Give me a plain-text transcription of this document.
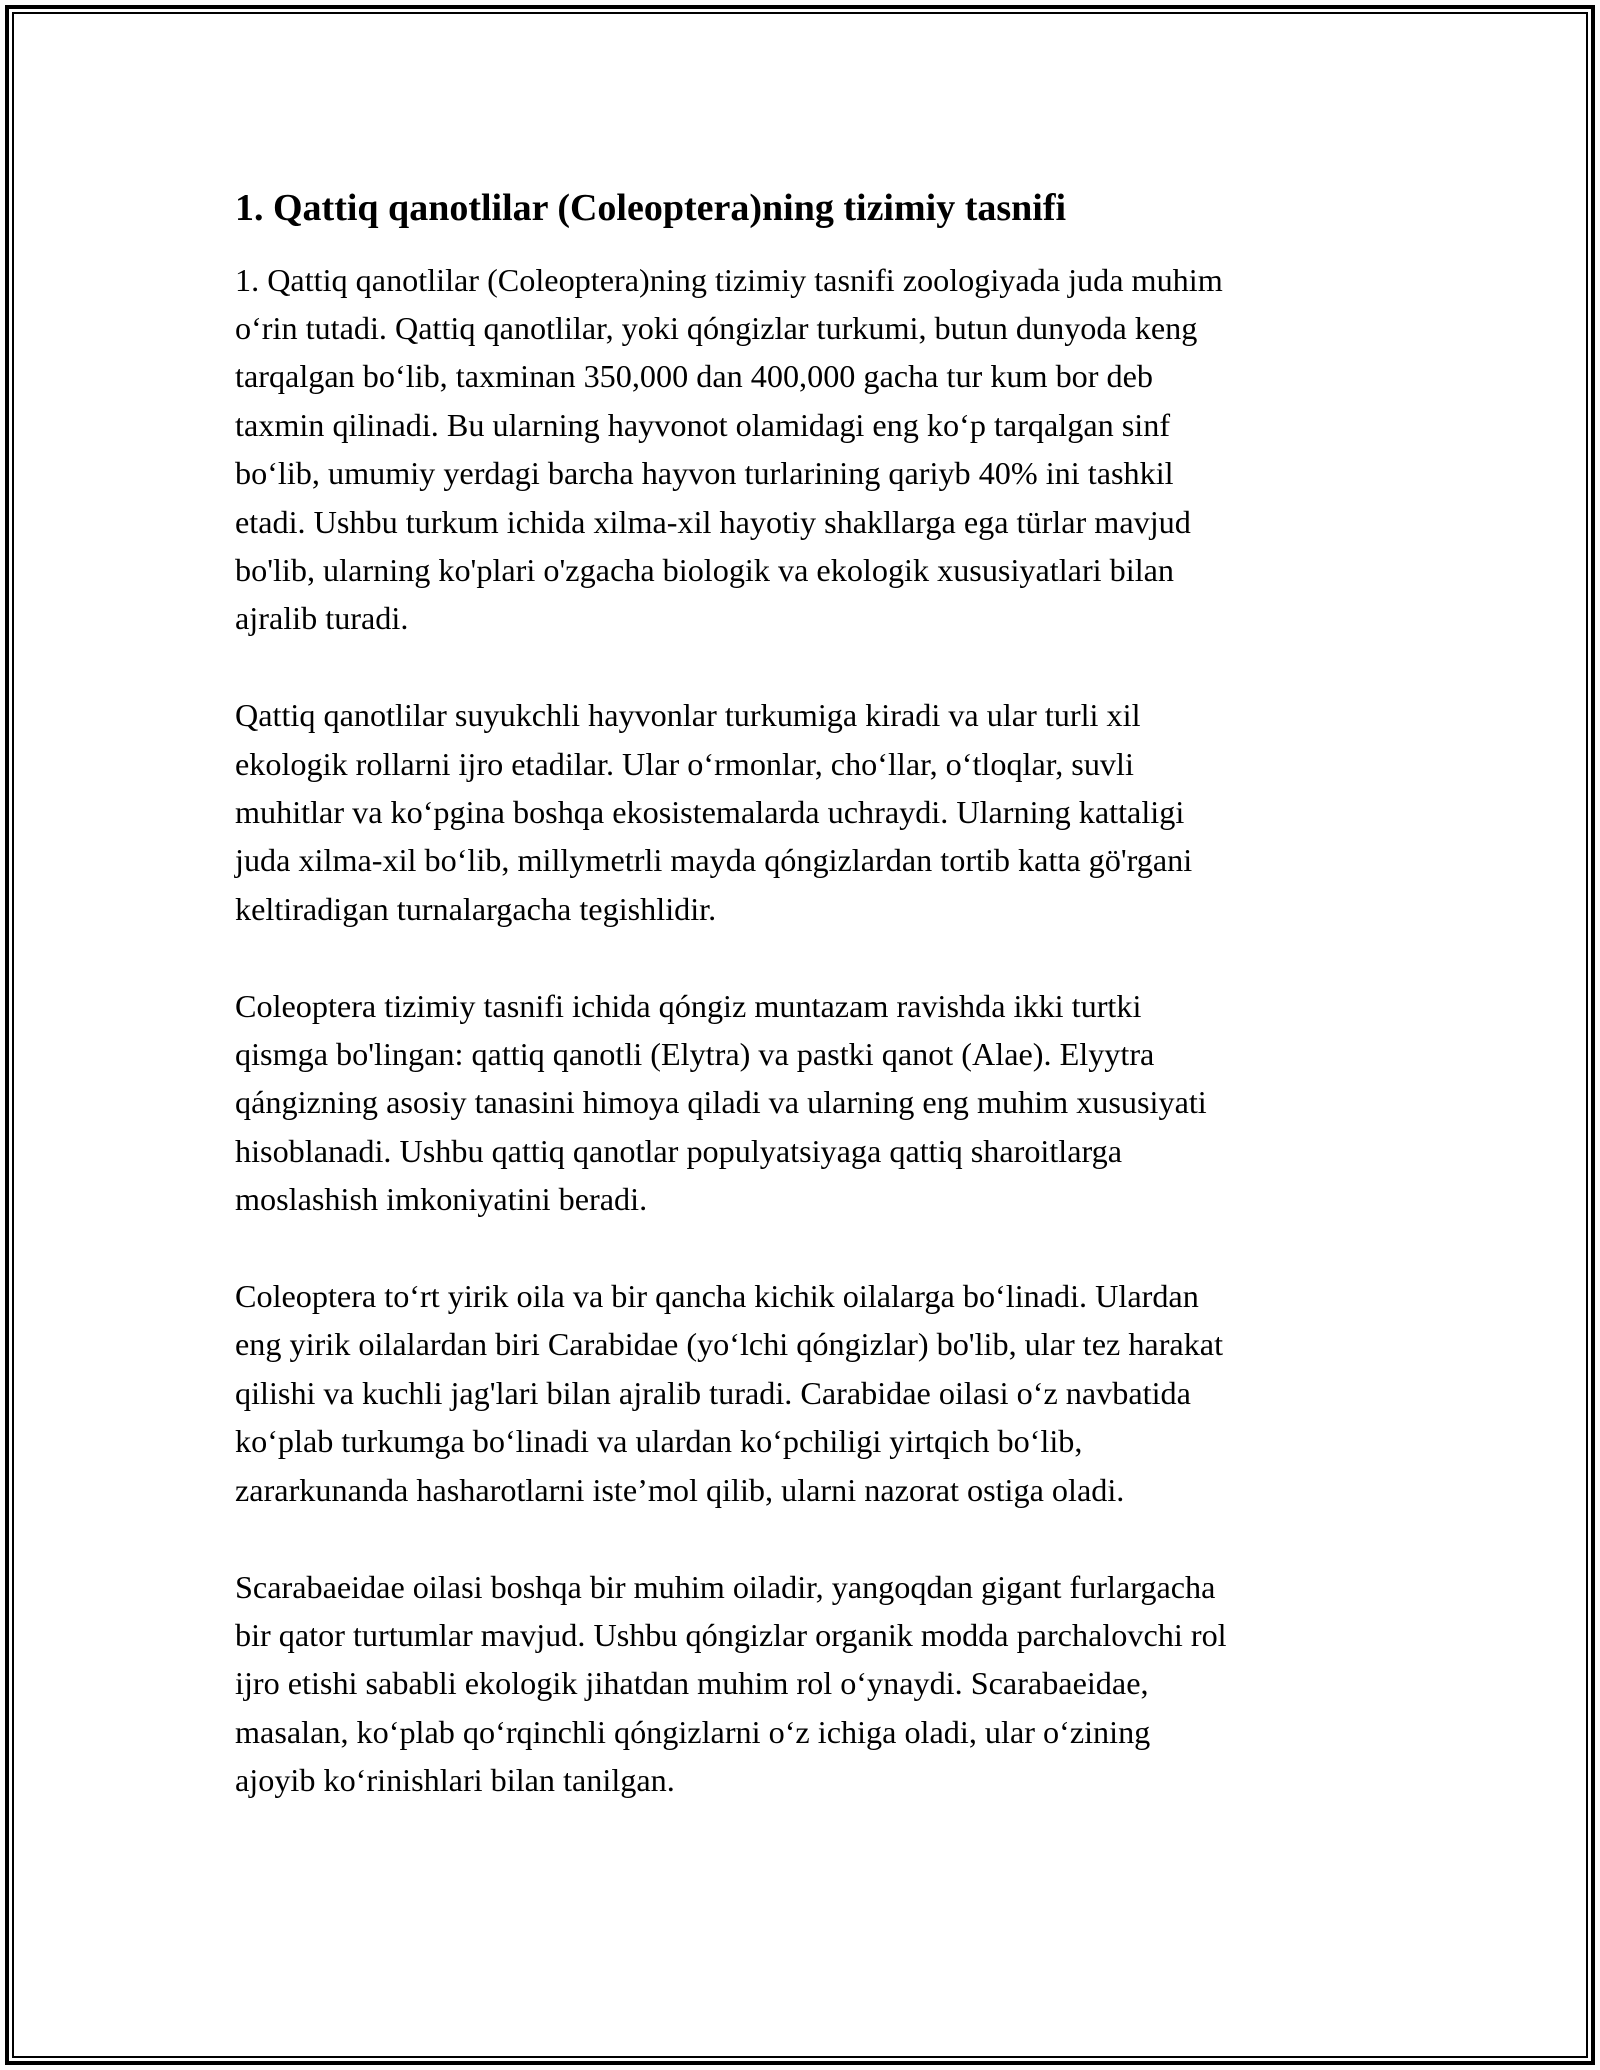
1. Qattiq qanotlilar (Coleoptera)ning tizimiy tasnifi

1. Qattiq qanotlilar (Coleoptera)ning tizimiy tasnifi zoologiyada juda muhim
o‘rin tutadi. Qattiq qanotlilar, yoki qóngizlar turkumi, butun dunyoda keng
tarqalgan bo‘lib, taxminan 350,000 dan 400,000 gacha tur kum bor deb
taxmin qilinadi. Bu ularning hayvonot olamidagi eng ko‘p tarqalgan sinf
bo‘lib, umumiy yerdagi barcha hayvon turlarining qariyb 40% ini tashkil
etadi. Ushbu turkum ichida xilma-xil hayotiy shakllarga ega türlar mavjud
bo'lib, ularning ko'plari o'zgacha biologik va ekologik xususiyatlari bilan
ajralib turadi.

Qattiq qanotlilar suyukchli hayvonlar turkumiga kiradi va ular turli xil
ekologik rollarni ijro etadilar. Ular o‘rmonlar, cho‘llar, o‘tloqlar, suvli
muhitlar va ko‘pgina boshqa ekosistemalarda uchraydi. Ularning kattaligi
juda xilma-xil bo‘lib, millymetrli mayda qóngizlardan tortib katta gö'rgani
keltiradigan turnalargacha tegishlidir.

Coleoptera tizimiy tasnifi ichida qóngiz muntazam ravishda ikki turtki
qismga bo'lingan: qattiq qanotli (Elytra) va pastki qanot (Alae). Elyytra
qángizning asosiy tanasini himoya qiladi va ularning eng muhim xususiyati
hisoblanadi. Ushbu qattiq qanotlar populyatsiyaga qattiq sharoitlarga
moslashish imkoniyatini beradi.

Coleoptera to‘rt yirik oila va bir qancha kichik oilalarga bo‘linadi. Ulardan
eng yirik oilalardan biri Carabidae (yo‘lchi qóngizlar) bo'lib, ular tez harakat
qilishi va kuchli jag'lari bilan ajralib turadi. Carabidae oilasi o‘z navbatida
ko‘plab turkumga bo‘linadi va ulardan ko‘pchiligi yirtqich bo‘lib,
zararkunanda hasharotlarni iste’mol qilib, ularni nazorat ostiga oladi.

Scarabaeidae oilasi boshqa bir muhim oiladir, yangoqdan gigant furlargacha
bir qator turtumlar mavjud. Ushbu qóngizlar organik modda parchalovchi rol
ijro etishi sababli ekologik jihatdan muhim rol o‘ynaydi. Scarabaeidae,
masalan, ko‘plab qo‘rqinchli qóngizlarni o‘z ichiga oladi, ular o‘zining
ajoyib ko‘rinishlari bilan tanilgan.
